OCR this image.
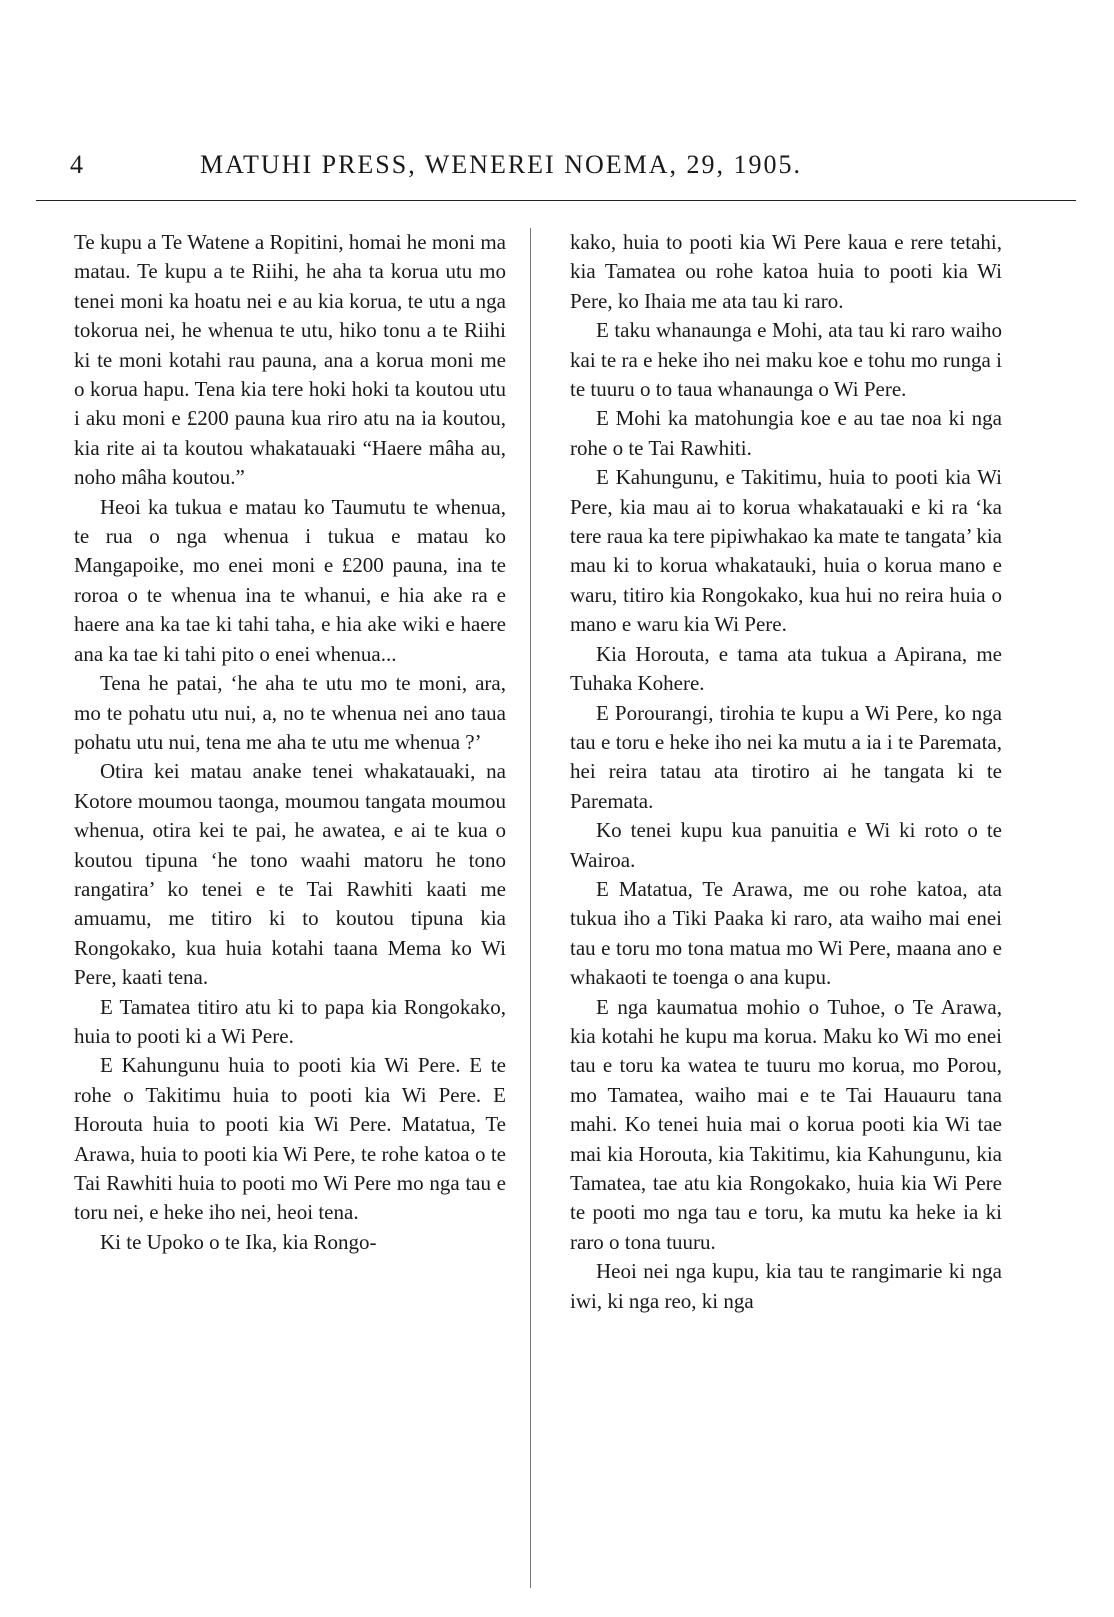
4	MATUHI PRESS, WENEREI NOEMA, 29, 1905.

Te kupu a Te Watene a Ropitini, homai he moni ma matau. Te kupu a te Riihi, he aha ta korua utu mo tenei moni ka hoatu nei e au kia korua, te utu a nga tokorua nei, he whenua te utu, hiko tonu a te Riihi ki te moni kotahi rau pauna, ana a korua moni me o korua hapu. Tena kia tere hoki hoki ta koutou utu i aku moni e £200 pauna kua riro atu na ia koutou, kia rite ai ta koutou whakatauaki “Haere mâha au, noho mâha koutou.”

Heoi ka tukua e matau ko Taumutu te whenua, te rua o nga whenua i tukua e matau ko Mangapoike, mo enei moni e £200 pauna, ina te roroa o te whenua ina te whanui, e hia ake ra e haere ana ka tae ki tahi taha, e hia ake wiki e haere ana ka tae ki tahi pito o enei whenua...

Tena he patai, ‘he aha te utu mo te moni, ara, mo te pohatu utu nui, a, no te whenua nei ano taua pohatu utu nui, tena me aha te utu me whenua ?’

Otira kei matau anake tenei whakatauaki, na Kotore moumou taonga, moumou tangata moumou whenua, otira kei te pai, he awatea, e ai te kua o koutou tipuna ‘he tono waahi matoru he tono rangatira’ ko tenei e te Tai Rawhiti kaati me amuamu, me titiro ki to koutou tipuna kia Rongokako, kua huia kotahi taana Mema ko Wi Pere, kaati tena.

E Tamatea titiro atu ki to papa kia Rongokako, huia to pooti ki a Wi Pere.

E Kahungunu huia to pooti kia Wi Pere. E te rohe o Takitimu huia to pooti kia Wi Pere. E Horouta huia to pooti kia Wi Pere. Matatua, Te Arawa, huia to pooti kia Wi Pere, te rohe katoa o te Tai Rawhiti huia to pooti mo Wi Pere mo nga tau e toru nei, e heke iho nei, heoi tena.

Ki te Upoko o te Ika, kia Rongo-

kako, huia to pooti kia Wi Pere kaua e rere tetahi, kia Tamatea ou rohe katoa huia to pooti kia Wi Pere, ko Ihaia me ata tau ki raro.

E taku whanaunga e Mohi, ata tau ki raro waiho kai te ra e heke iho nei maku koe e tohu mo runga i te tuuru o to taua whanaunga o Wi Pere.

E Mohi ka matohungia koe e au tae noa ki nga rohe o te Tai Rawhiti.

E Kahungunu, e Takitimu, huia to pooti kia Wi Pere, kia mau ai to korua whakatauaki e ki ra ‘ka tere raua ka tere pipiwhakao ka mate te tangata’ kia mau ki to korua whakatauki, huia o korua mano e waru, titiro kia Rongokako, kua hui no reira huia o mano e waru kia Wi Pere.

Kia Horouta, e tama ata tukua a Apirana, me Tuhaka Kohere.

E Porourangi, tirohia te kupu a Wi Pere, ko nga tau e toru e heke iho nei ka mutu a ia i te Paremata, hei reira tatau ata tirotiro ai he tangata ki te Paremata.

Ko tenei kupu kua panuitia e Wi ki roto o te Wairoa.

E Matatua, Te Arawa, me ou rohe katoa, ata tukua iho a Tiki Paaka ki raro, ata waiho mai enei tau e toru mo tona matua mo Wi Pere, maana ano e whakaoti te toenga o ana kupu.

E nga kaumatua mohio o Tuhoe, o Te Arawa, kia kotahi he kupu ma korua. Maku ko Wi mo enei tau e toru ka watea te tuuru mo korua, mo Porou, mo Tamatea, waiho mai e te Tai Hauauru tana mahi. Ko tenei huia mai o korua pooti kia Wi tae mai kia Horouta, kia Takitimu, kia Kahungunu, kia Tamatea, tae atu kia Rongokako, huia kia Wi Pere te pooti mo nga tau e toru, ka mutu ka heke ia ki raro o tona tuuru.

Heoi nei nga kupu, kia tau te rangimarie ki nga iwi, ki nga reo, ki nga
